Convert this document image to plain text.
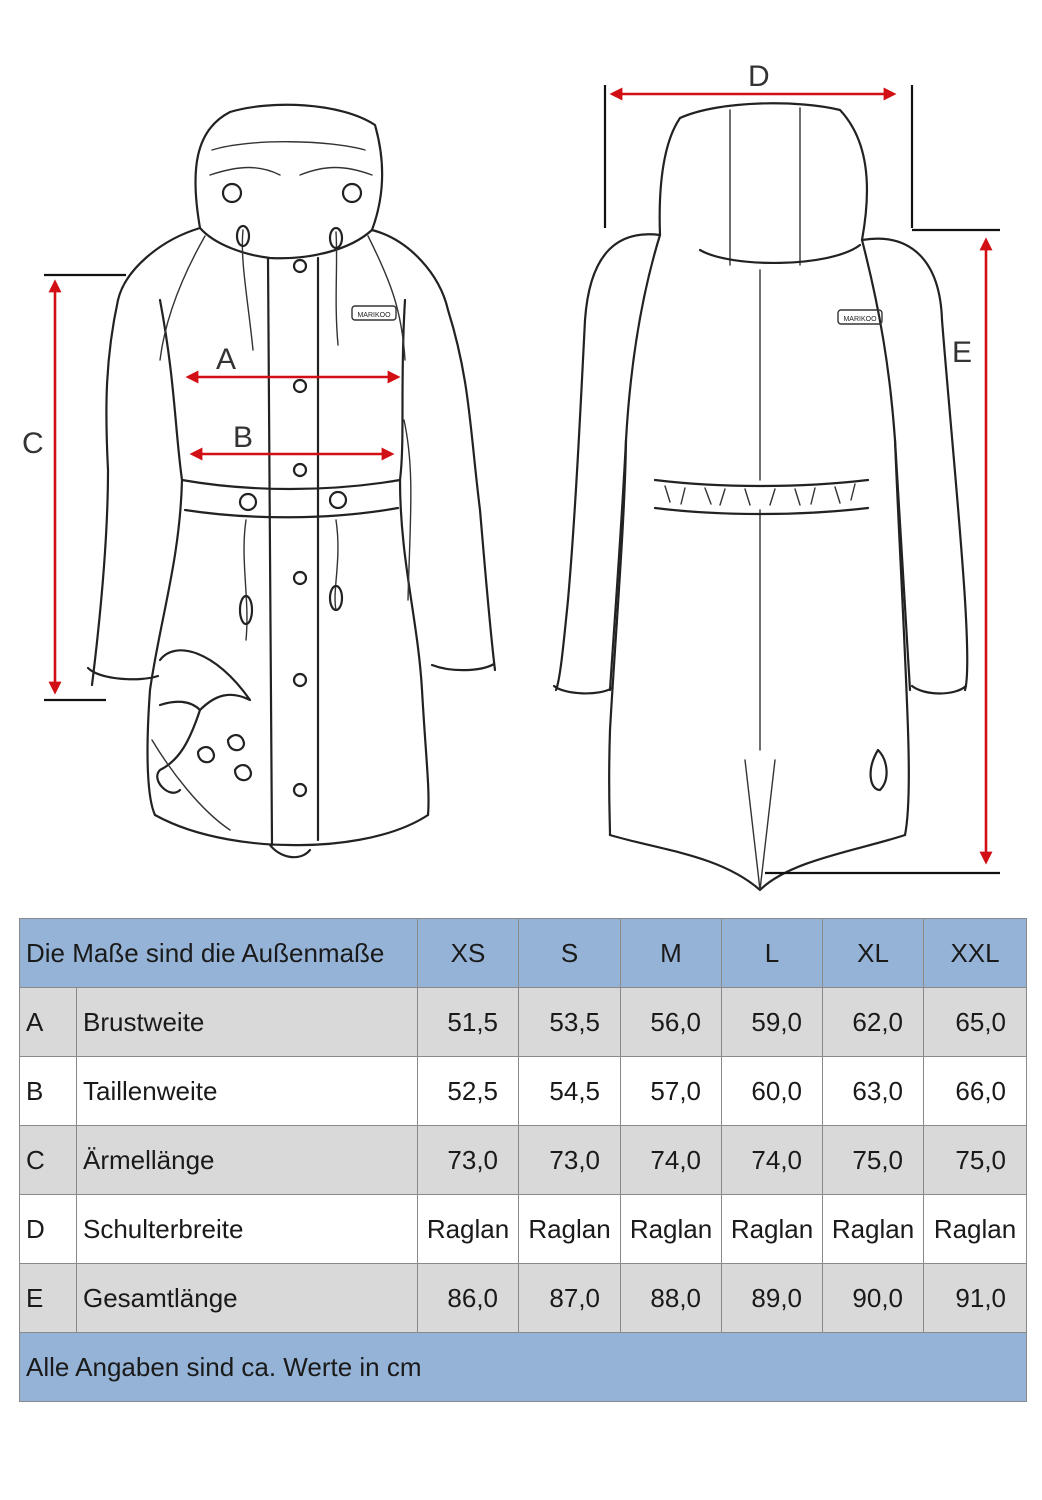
MARIKOO
MARIKOO
A
B
C
D
E
Die Maße sind die Außenmaße		XS	S	M	L	XL	XXL
A	Brustweite	51,5	53,5	56,0	59,0	62,0	65,0
B	Taillenweite	52,5	54,5	57,0	60,0	63,0	66,0
C	Ärmellänge	73,0	73,0	74,0	74,0	75,0	75,0
D	Schulterbreite	Raglan	Raglan	Raglan	Raglan	Raglan	Raglan
E	Gesamtlänge	86,0	87,0	88,0	89,0	90,0	91,0
Alle Angaben sind ca. Werte in cm							
